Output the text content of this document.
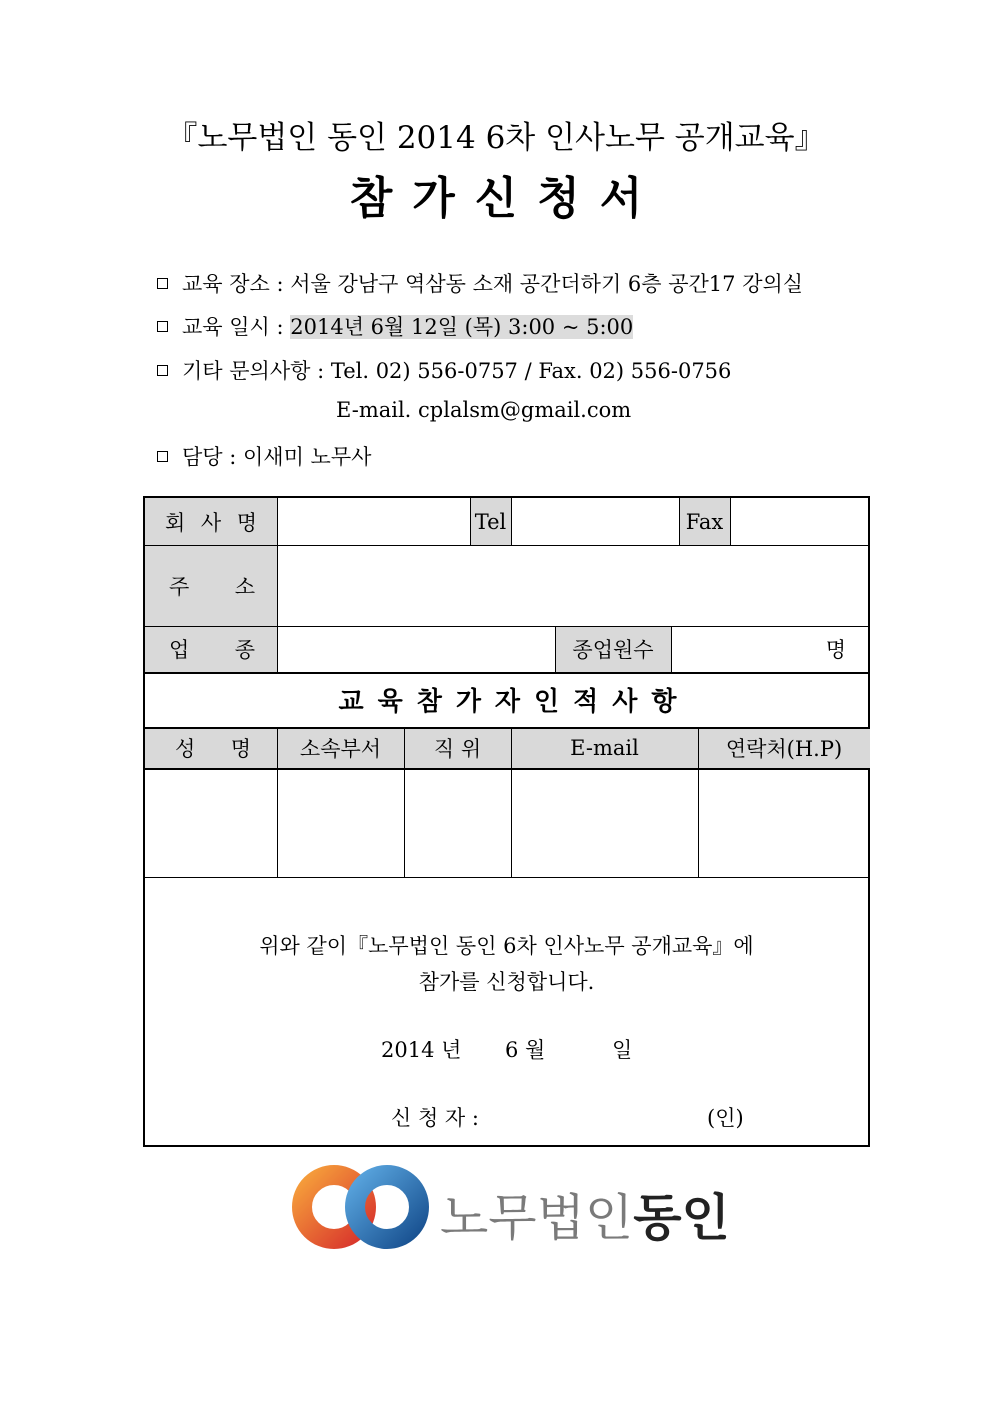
『노무법인 동인 2014 6차 인사노무 공개교육』
참가신청서
교육 장소 : 서울 강남구 역삼동 소재 공간더하기 6층 공간17 강의실
교육 일시 : 2014년 6월 12일 (목) 3:00 ~ 5:00
기타 문의사항 : Tel. 02) 556-0757 / Fax. 02) 556-0756
E-mail. cplalsm@gmail.com
담당 : 이새미 노무사
회 사 명	Tel	Fax
주 소
업 종	종업원수	명
교육참가자인적사항
성 명	소속부서	직 위	E-mail	연락처(H.P)
위와 같이『노무법인 동인 6차 인사노무 공개교육』에
참가를 신청합니다.
2014 년 6 월	일
신 청 자 :	(인)
노무법인동인
